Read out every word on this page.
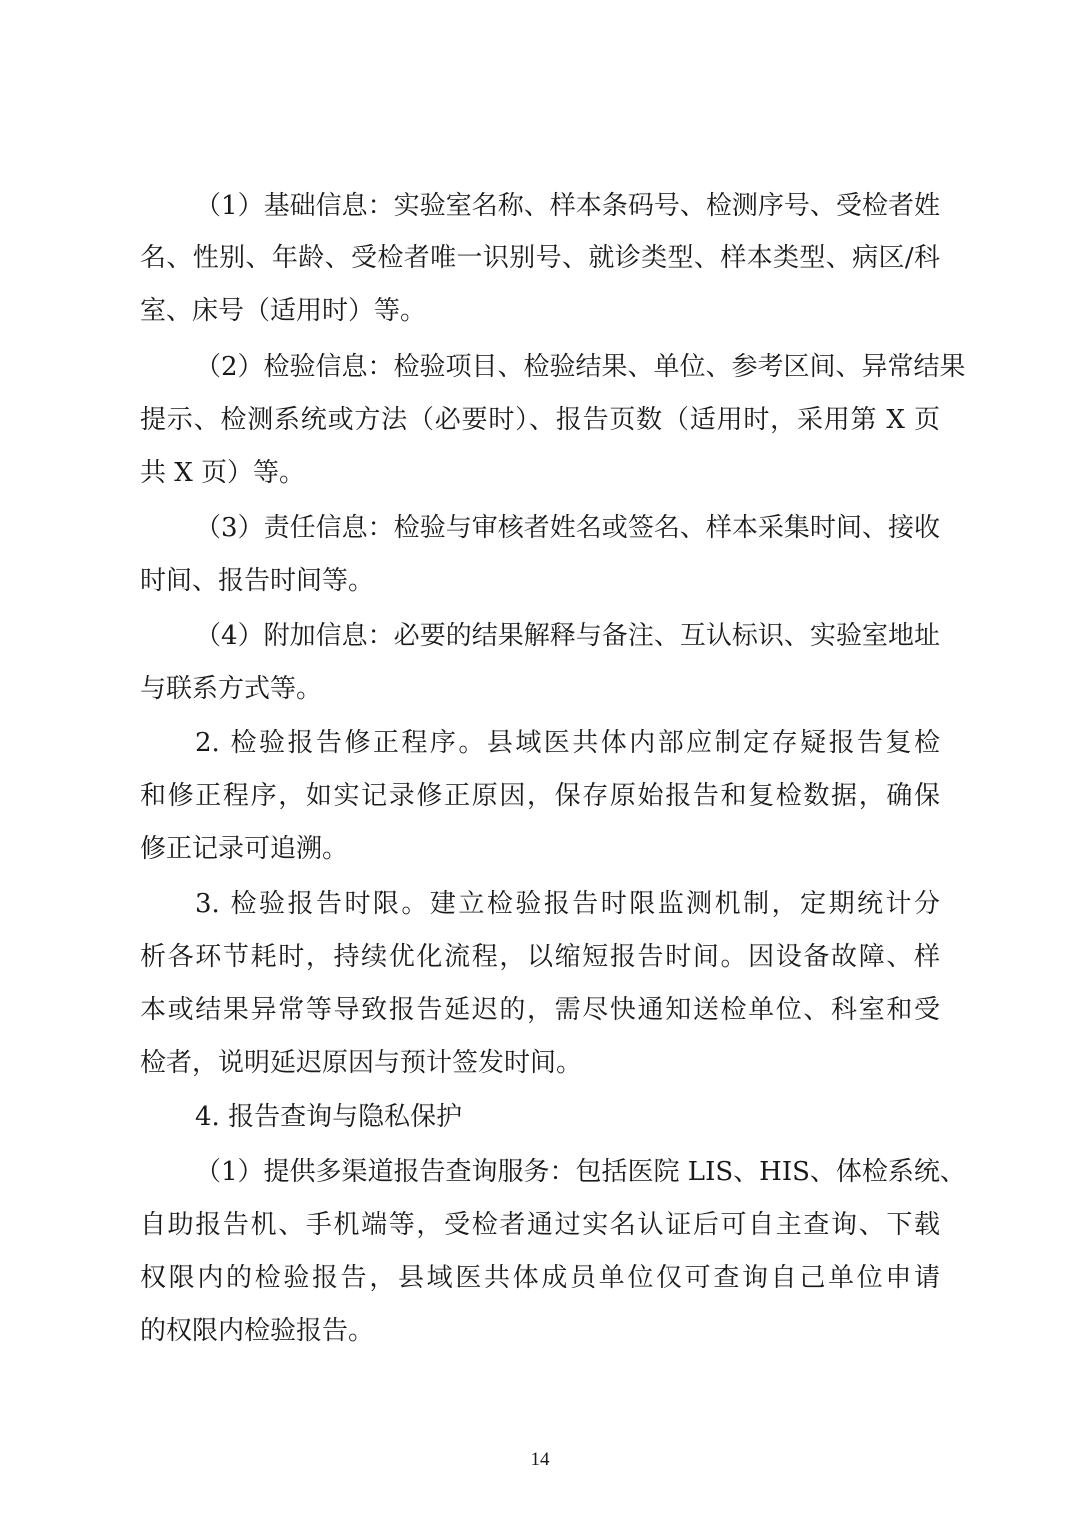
（1）基础信息：实验室名称、样本条码号、检测序号、受检者姓
名、性别、年龄、受检者唯一识别号、就诊类型、样本类型、病区/科
室、床号（适用时）等。
（2）检验信息：检验项目、检验结果、单位、参考区间、异常结果
提示、检测系统或方法（必要时）、报告页数（适用时，采用第 X 页
共 X 页）等。
（3）责任信息：检验与审核者姓名或签名、样本采集时间、接收
时间、报告时间等。
（4）附加信息：必要的结果解释与备注、互认标识、实验室地址
与联系方式等。
2. 检验报告修正程序。县域医共体内部应制定存疑报告复检
和修正程序，如实记录修正原因，保存原始报告和复检数据，确保
修正记录可追溯。
3. 检验报告时限。建立检验报告时限监测机制，定期统计分
析各环节耗时，持续优化流程，以缩短报告时间。因设备故障、样
本或结果异常等导致报告延迟的，需尽快通知送检单位、科室和受
检者，说明延迟原因与预计签发时间。
4. 报告查询与隐私保护
（1）提供多渠道报告查询服务：包括医院 LIS、HIS、体检系统、
自助报告机、手机端等，受检者通过实名认证后可自主查询、下载
权限内的检验报告，县域医共体成员单位仅可查询自己单位申请
的权限内检验报告。
14
